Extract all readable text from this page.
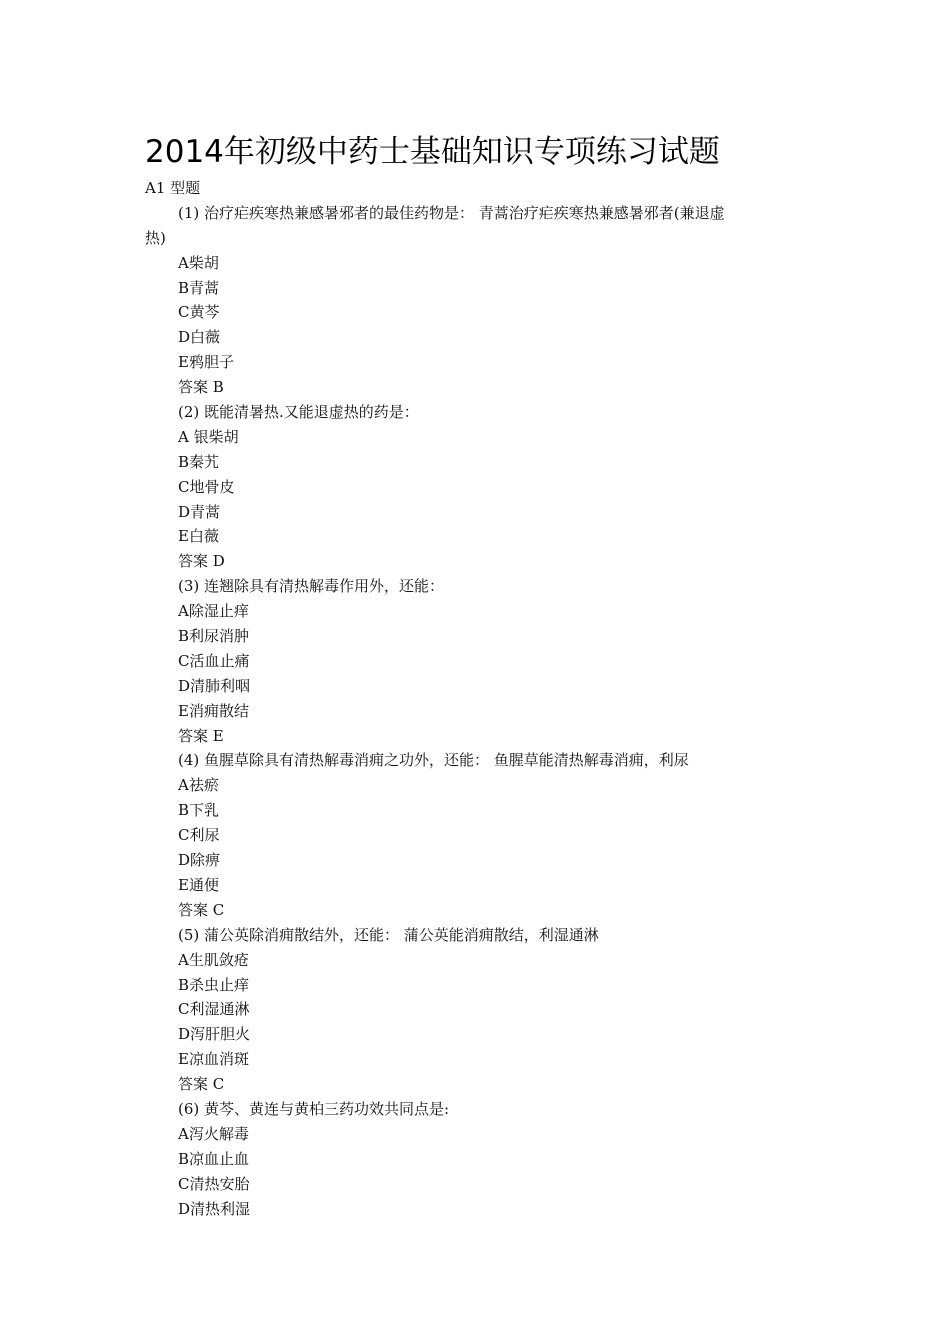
2014年初级中药士基础知识专项练习试题
A1 型题
(1) 治疗疟疾寒热兼感暑邪者的最佳药物是： 青蒿治疗疟疾寒热兼感暑邪者(兼退虚
热)
A柴胡
B青蒿
C黄芩
D白薇
E鸦胆子
答案 B
(2) 既能清暑热.又能退虚热的药是：
A 银柴胡
B秦艽
C地骨皮
D青蒿
E白薇
答案 D
(3) 连翘除具有清热解毒作用外，还能：
A除湿止痒
B利尿消肿
C活血止痛
D清肺利咽
E消痈散结
答案 E
(4) 鱼腥草除具有清热解毒消痈之功外，还能： 鱼腥草能清热解毒消痈，利尿
A祛瘀
B下乳
C利尿
D除痹
E通便
答案 C
(5) 蒲公英除消痈散结外，还能： 蒲公英能消痈散结，利湿通淋
A生肌敛疮
B杀虫止痒
C利湿通淋
D泻肝胆火
E凉血消斑
答案 C
(6) 黄芩、黄连与黄柏三药功效共同点是:
A泻火解毒
B凉血止血
C清热安胎
D清热利湿
